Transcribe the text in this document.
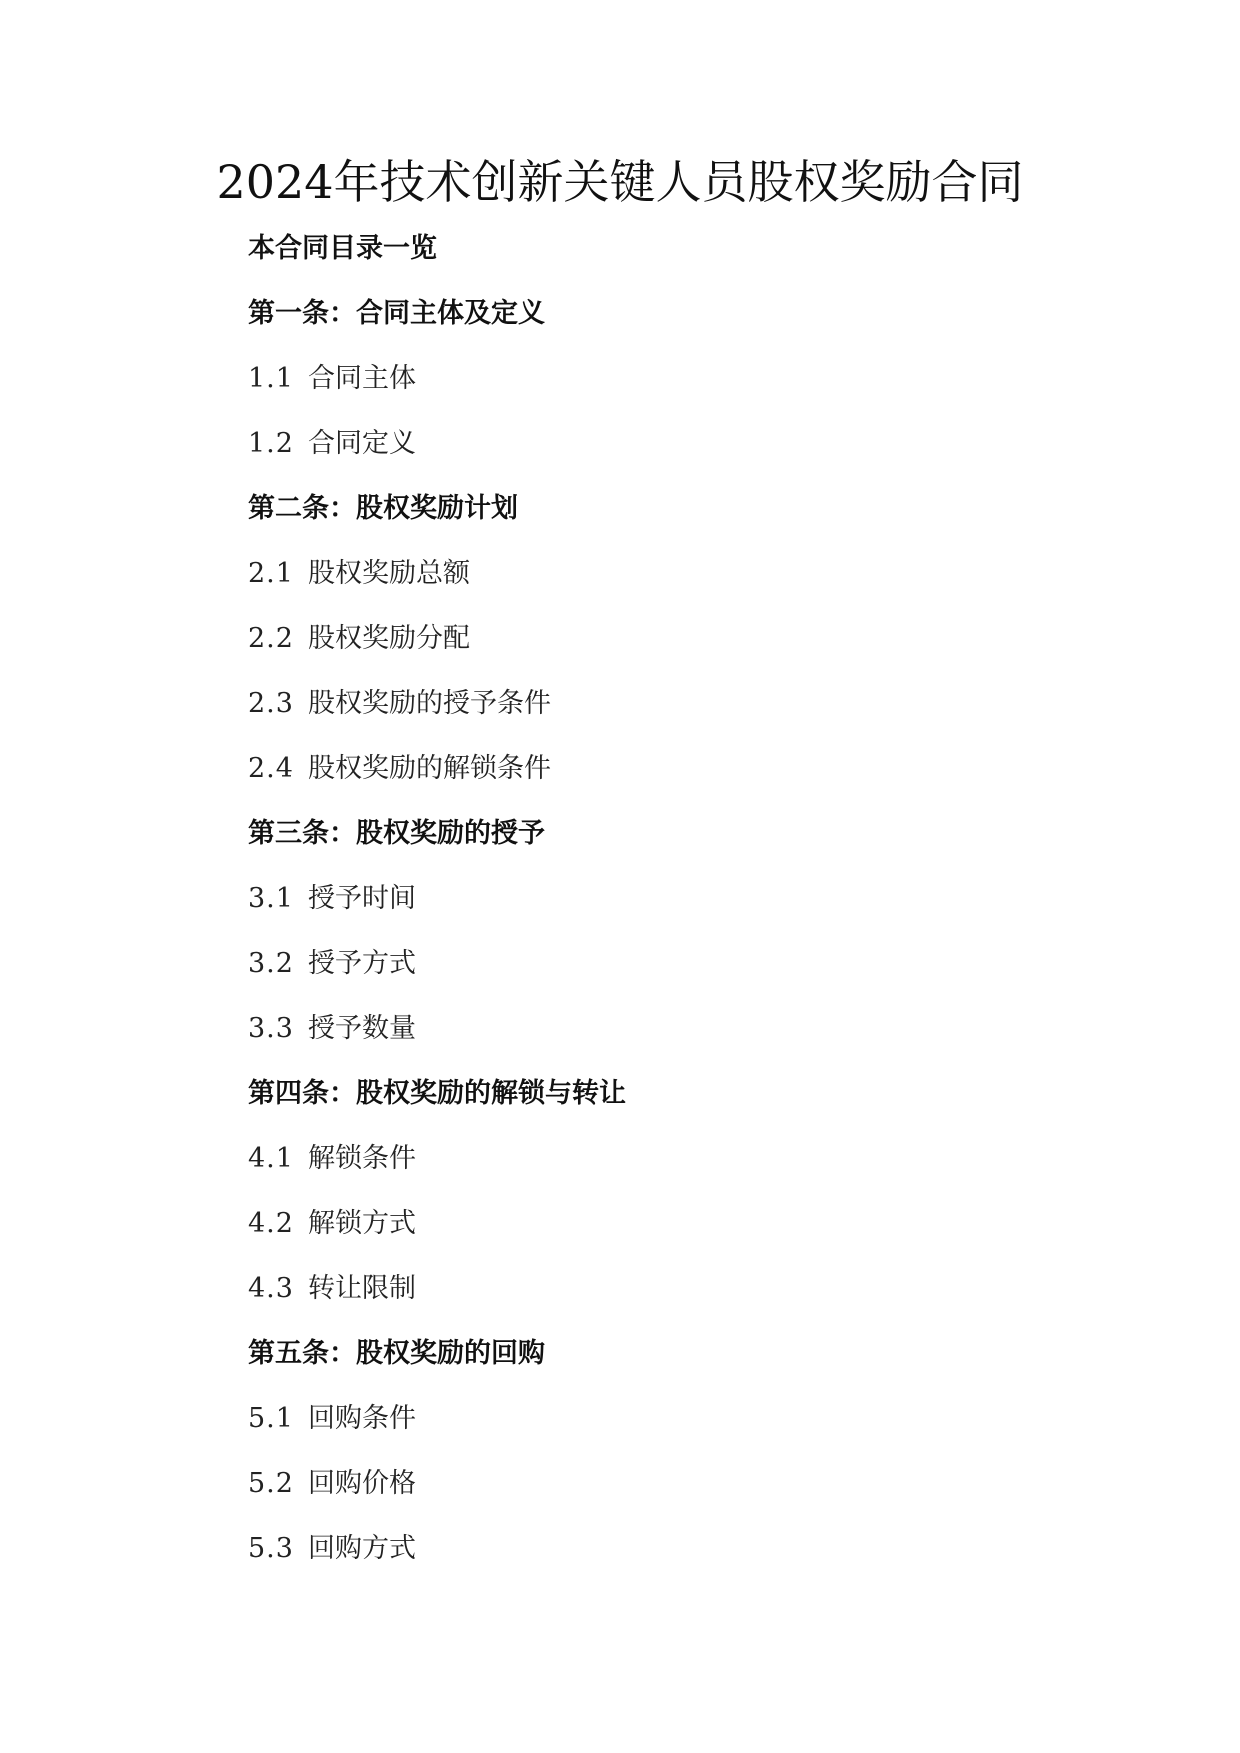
2024年技术创新关键人员股权奖励合同
本合同目录一览
第一条：合同主体及定义
1.1 合同主体
1.2 合同定义
第二条：股权奖励计划
2.1 股权奖励总额
2.2 股权奖励分配
2.3 股权奖励的授予条件
2.4 股权奖励的解锁条件
第三条：股权奖励的授予
3.1 授予时间
3.2 授予方式
3.3 授予数量
第四条：股权奖励的解锁与转让
4.1 解锁条件
4.2 解锁方式
4.3 转让限制
第五条：股权奖励的回购
5.1 回购条件
5.2 回购价格
5.3 回购方式
